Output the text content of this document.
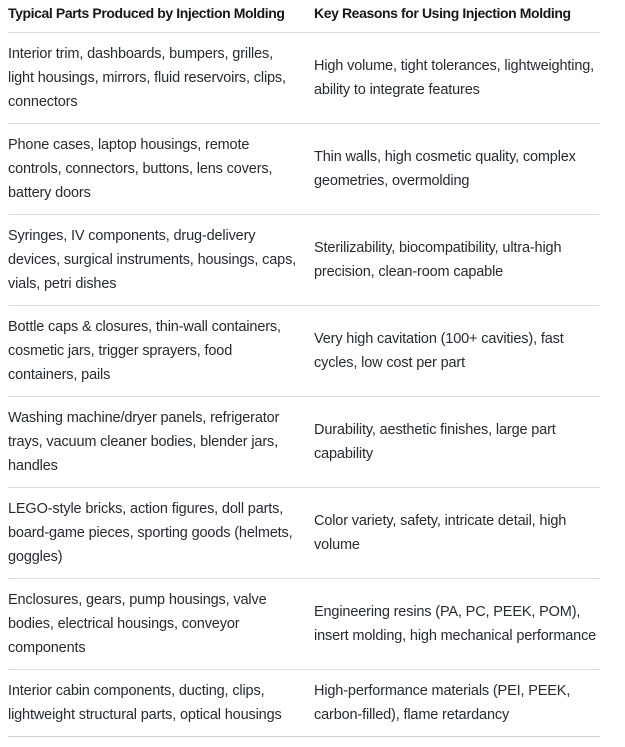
Typical Parts Produced by Injection Molding	Key Reasons for Using Injection Molding
Interior trim, dashboards, bumpers, grilles, light housings, mirrors, fluid reservoirs, clips, connectors	High volume, tight tolerances, lightweighting, ability to integrate features
Phone cases, laptop housings, remote controls, connectors, buttons, lens covers, battery doors	Thin walls, high cosmetic quality, complex geometries, overmolding
Syringes, IV components, drug-delivery devices, surgical instruments, housings, caps, vials, petri dishes	Sterilizability, biocompatibility, ultra-high precision, clean-room capable
Bottle caps & closures, thin-wall containers, cosmetic jars, trigger sprayers, food containers, pails	Very high cavitation (100+ cavities), fast cycles, low cost per part
Washing machine/dryer panels, refrigerator trays, vacuum cleaner bodies, blender jars, handles	Durability, aesthetic finishes, large part capability
LEGO-style bricks, action figures, doll parts, board-game pieces, sporting goods (helmets, goggles)	Color variety, safety, intricate detail, high volume
Enclosures, gears, pump housings, valve bodies, electrical housings, conveyor components	Engineering resins (PA, PC, PEEK, POM), insert molding, high mechanical performance
Interior cabin components, ducting, clips, lightweight structural parts, optical housings	High-performance materials (PEI, PEEK, carbon-filled), flame retardancy
